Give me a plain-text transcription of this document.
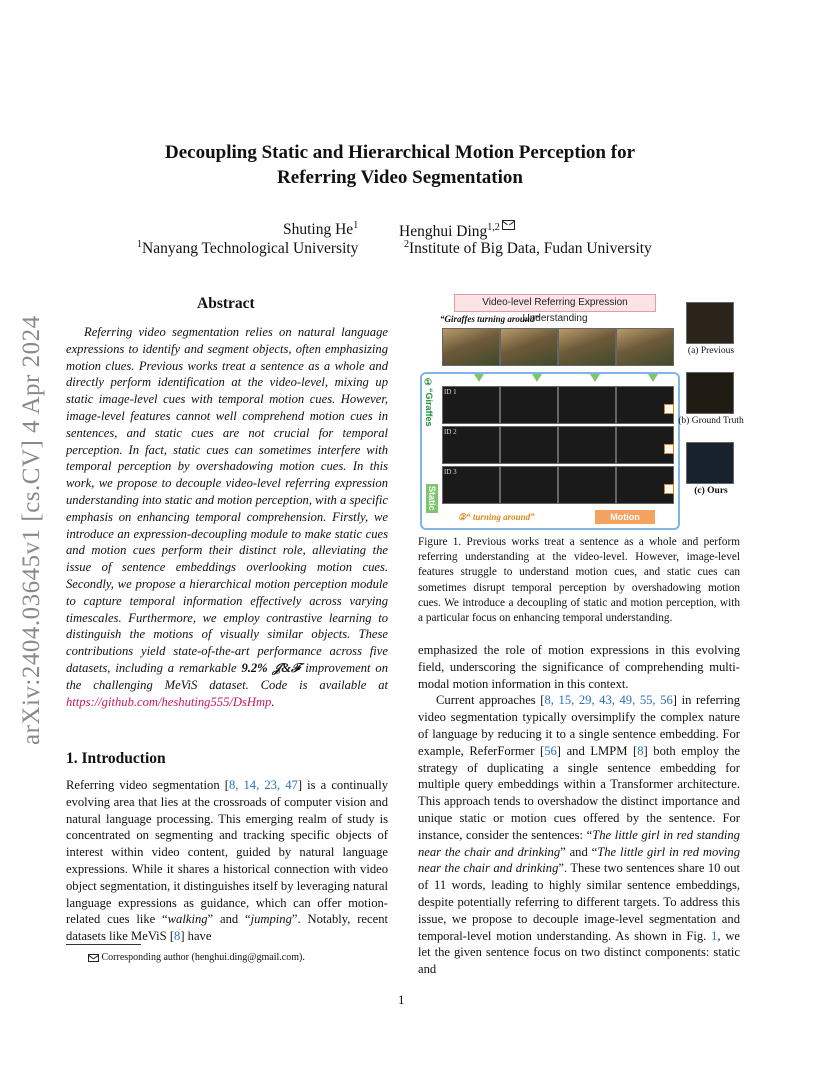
arXiv:2404.03645v1 [cs.CV] 4 Apr 2024
Decoupling Static and Hierarchical Motion Perception for
Referring Video Segmentation
Shuting He$^1$	Henghui Ding$^{1,2}$
$^1$Nanyang Technological University	$^2$Institute of Big Data, Fudan University
Abstract

Referring video segmentation relies on natural language expressions to identify and segment objects, often emphasizing motion clues. Previous works treat a sentence as a whole and directly perform identification at the video-level, mixing up static image-level cues with temporal motion cues. However, image-level features cannot well comprehend motion cues in sentences, and static cues are not crucial for temporal perception. In fact, static cues can sometimes interfere with temporal perception by overshadowing motion cues. In this work, we propose to decouple video-level referring expression understanding into static and motion perception, with a specific emphasis on enhancing temporal comprehension. Firstly, we introduce an expression-decoupling module to make static cues and motion cues perform their distinct role, alleviating the issue of sentence embeddings overlooking motion cues. Secondly, we propose a hierarchical motion perception module to capture temporal information effectively across varying timescales. Furthermore, we employ contrastive learning to distinguish the motions of visually similar objects. These contributions yield state-of-the-art performance across five datasets, including a remarkable 9.2% 𝒥&ℱ improvement on the challenging MeViS dataset. Code is available at https://github.com/heshuting555/DsHmp.

1. Introduction

Referring video segmentation [8, 14, 23, 47] is a continually evolving area that lies at the crossroads of computer vision and natural language processing. This emerging realm of study is concentrated on segmenting and tracking specific objects of interest within video content, guided by natural language expressions. While it shares a historical connection with video object segmentation, it distinguishes itself by leveraging natural language expressions as guidance, which can offer motion-related cues like “walking” and “jumping”. Notably, recent datasets like MeViS [8] have

Corresponding author (henghui.ding@gmail.com).
Video-level Referring Expression Understanding
“Giraffes turning around”
①“Giraffes
Static
ID 1
ID 2
ID 3
②“ turning around”	Motion
(a) Previous
(b) Ground Truth
(c) Ours
Figure 1. Previous works treat a sentence as a whole and perform referring understanding at the video-level. However, image-level features struggle to understand motion cues, and static cues can sometimes disrupt temporal perception by overshadowing motion cues. We introduce a decoupling of static and motion perception, with a particular focus on enhancing temporal understanding.

emphasized the role of motion expressions in this evolving field, underscoring the significance of comprehending multi-modal motion information in this context.

Current approaches [8, 15, 29, 43, 49, 55, 56] in referring video segmentation typically oversimplify the complex nature of language by reducing it to a single sentence embedding. For example, ReferFormer [56] and LMPM [8] both employ the strategy of duplicating a single sentence embedding for multiple query embeddings within a Transformer architecture. This approach tends to overshadow the distinct importance and unique static or motion cues offered by the sentence. For instance, consider the sentences: “The little girl in red standing near the chair and drinking” and “The little girl in red moving near the chair and drinking”. These two sentences share 10 out of 11 words, leading to highly similar sentence embeddings, despite potentially referring to different targets. To address this issue, we propose to decouple image-level segmentation and temporal-level motion understanding. As shown in Fig. 1, we let the given sentence focus on two distinct components: static and

1
